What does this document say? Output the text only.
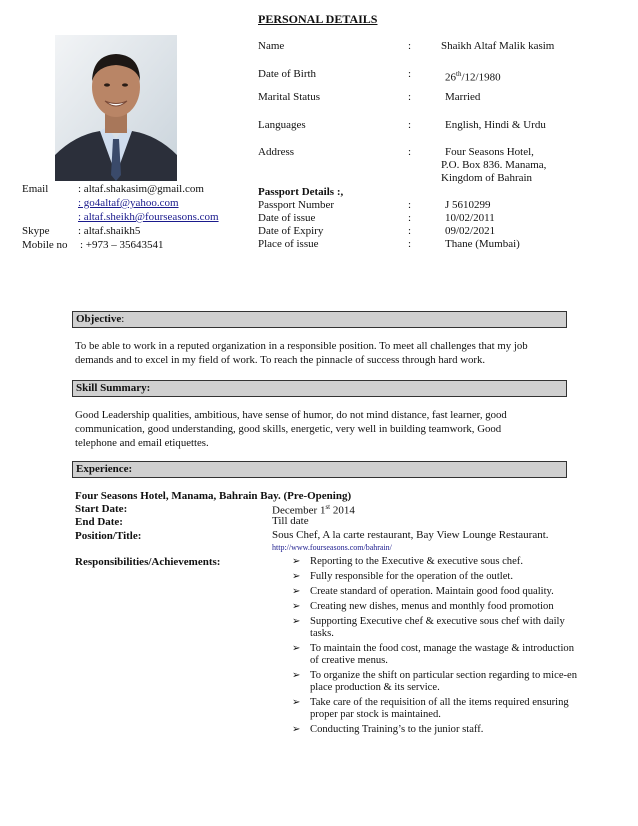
PERSONAL DETAILS
Name	:	Shaikh Altaf Malik kasim
Date of Birth	:	26th/12/1980
Marital Status	:	Married
Languages	:	English, Hindi & Urdu
Address	:	Four Seasons Hotel,
P.O. Box 836. Manama,
Kingdom of Bahrain
Passport Details :,
Passport Number	:	J 5610299
Date of issue	:	10/02/2011
Date of Expiry	:	09/02/2021
Place of issue	:	Thane (Mumbai)
Email	: altaf.shakasim@gmail.com
: go4altaf@yahoo.com
: altaf.sheikh@fourseasons.com
Skype	: altaf.shaikh5
Mobile no	: +973 – 35643541
Objective:
To be able to work in a reputed organization in a responsible position. To meet all challenges that my job demands and to excel in my field of work. To reach the pinnacle of success through hard work.
Skill Summary:
Good Leadership qualities, ambitious, have sense of humor, do not mind distance, fast learner, good communication, good understanding, good skills, energetic, very well in building teamwork, Good telephone and email etiquettes.
Experience:
Four Seasons Hotel, Manama, Bahrain Bay. (Pre-Opening)
Start Date:	December 1st 2014
End Date:	Till date
Position/Title:	Sous Chef, A la carte restaurant, Bay View Lounge Restaurant.
http://www.fourseasons.com/bahrain/
Responsibilities/Achievements:	➢ Reporting to the Executive & executive sous chef.
➢ Fully responsible for the operation of the outlet.
➢ Create standard of operation. Maintain good food quality.
➢ Creating new dishes, menus and monthly food promotion
➢ Supporting Executive chef & executive sous chef with daily tasks.
➢ To maintain the food cost, manage the wastage & introduction of creative menus.
➢ To organize the shift on particular section regarding to mice-en place production & its service.
➢ Take care of the requisition of all the items required ensuring proper par stock is maintained.
➢ Conducting Training’s to the junior staff.
